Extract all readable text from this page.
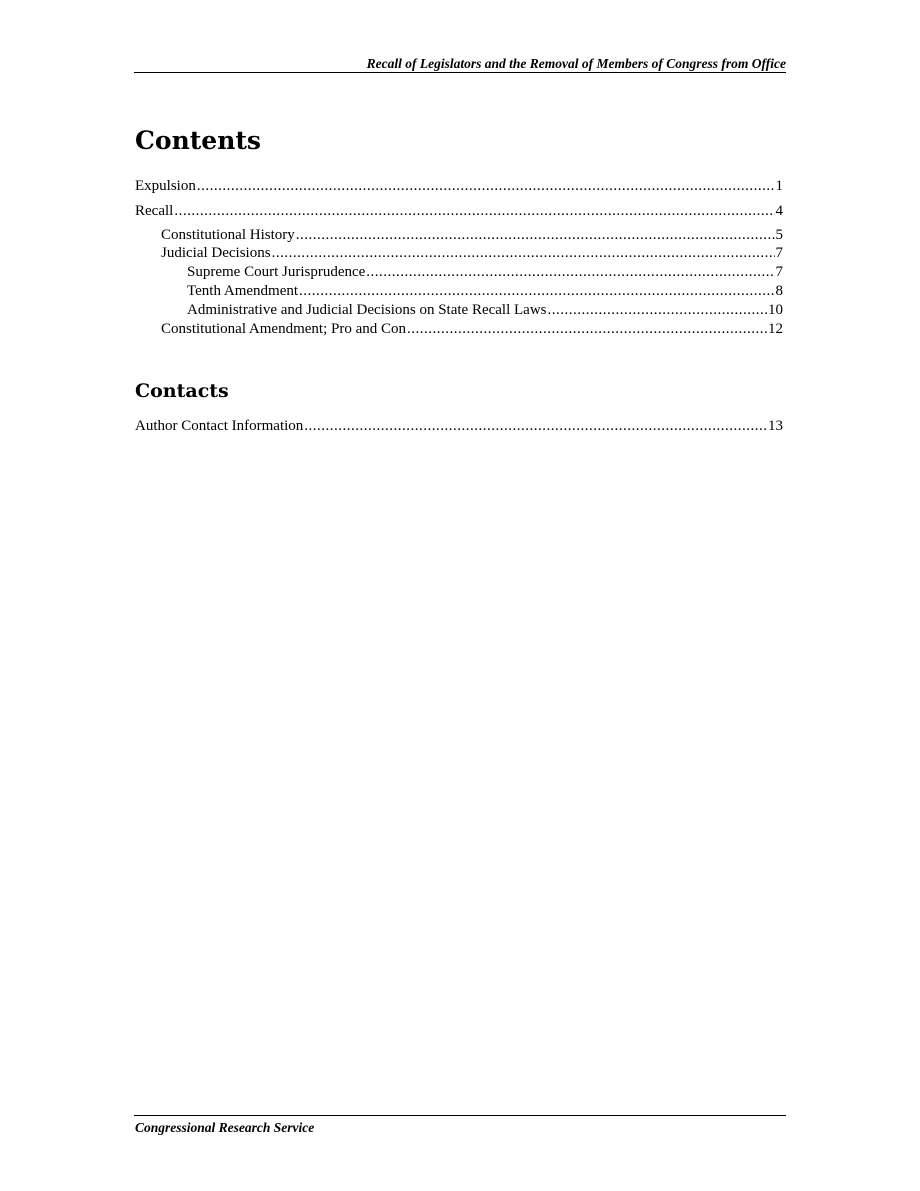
Recall of Legislators and the Removal of Members of Congress from Office
Contents
Expulsion .....	1
Recall .....	4
Constitutional History .....	5
Judicial Decisions .....	7
Supreme Court Jurisprudence .....	7
Tenth Amendment .....	8
Administrative and Judicial Decisions on State Recall Laws .....	10
Constitutional Amendment; Pro and Con .....	12
Contacts
Author Contact Information .....	13
Congressional Research Service
